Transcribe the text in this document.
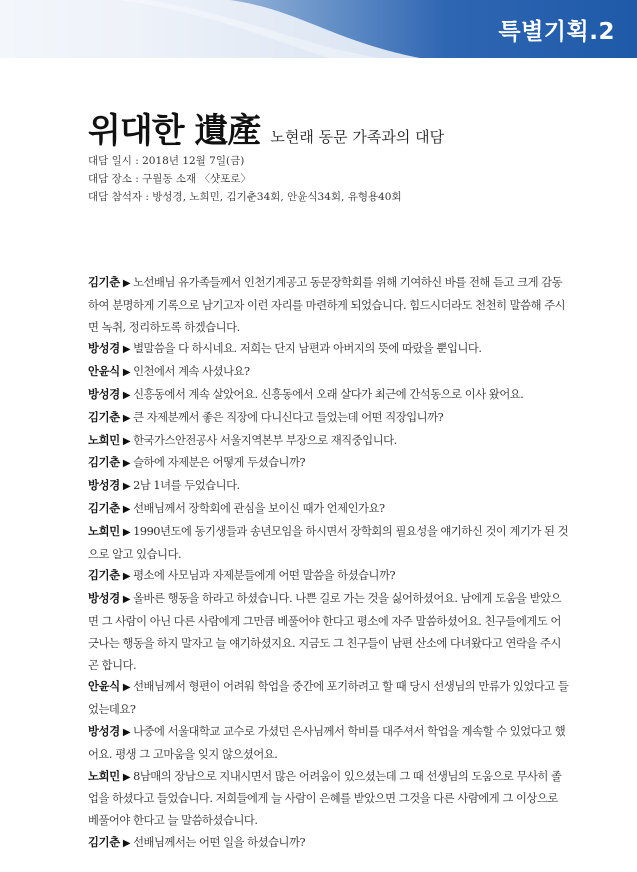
특별기획.2
위대한 遺產 노현래 동문 가족과의 대담
대담 일시 : 2018년 12월 7일(금)
대담 장소 : 구월동 소재 〈샷포로〉
대담 참석자 : 방성경, 노희민, 김기춘34회, 안윤식34회, 유형용40회

김기춘 ▶ 노선배님 유가족들께서 인천기계공고 동문장학회를 위해 기여하신 바를 전해 듣고 크게 감동하여 분명하게 기록으로 남기고자 이런 자리를 마련하게 되었습니다. 힘드시더라도 천천히 말씀해 주시면 녹취, 정리하도록 하겠습니다.

방성경 ▶ 별말씀을 다 하시네요. 저희는 단지 남편과 아버지의 뜻에 따랐을 뿐입니다.

안윤식 ▶ 인천에서 계속 사셨나요?

방성경 ▶ 신흥동에서 계속 살았어요. 신흥동에서 오래 살다가 최근에 간석동으로 이사 왔어요.

김기춘 ▶ 큰 자제분께서 좋은 직장에 다니신다고 들었는데 어떤 직장입니까?

노희민 ▶ 한국가스안전공사 서울지역본부 부장으로 재직중입니다.

김기춘 ▶ 슬하에 자제분은 어떻게 두셨습니까?

방성경 ▶ 2남 1녀를 두었습니다.

김기춘 ▶ 선배님께서 장학회에 관심을 보이신 때가 언제인가요?

노희민 ▶ 1990년도에 동기생들과 송년모임을 하시면서 장학회의 필요성을 얘기하신 것이 계기가 된 것으로 알고 있습니다.

김기춘 ▶ 평소에 사모님과 자제분들에게 어떤 말씀을 하셨습니까?

방성경 ▶ 올바른 행동을 하라고 하셨습니다. 나쁜 길로 가는 것을 싫어하셨어요. 남에게 도움을 받았으면 그 사람이 아닌 다른 사람에게 그만큼 베풀어야 한다고 평소에 자주 말씀하셨어요. 친구들에게도 어긋나는 행동을 하지 말자고 늘 얘기하셨지요. 지금도 그 친구들이 남편 산소에 다녀왔다고 연락을 주시곤 합니다.

안윤식 ▶ 선배님께서 형편이 어려워 학업을 중간에 포기하려고 할 때 당시 선생님의 만류가 있었다고 들었는데요?

방성경 ▶ 나중에 서울대학교 교수로 가셨던 은사님께서 학비를 대주셔서 학업을 계속할 수 있었다고 했어요. 평생 그 고마움을 잊지 않으셨어요.

노희민 ▶ 8남매의 장남으로 지내시면서 많은 어려움이 있으셨는데 그 때 선생님의 도움으로 무사히 졸업을 하셨다고 들었습니다. 저희들에게 늘 사람이 은혜를 받았으면 그것을 다른 사람에게 그 이상으로 베풀어야 한다고 늘 말씀하셨습니다.

김기춘 ▶ 선배님께서는 어떤 일을 하셨습니까?
